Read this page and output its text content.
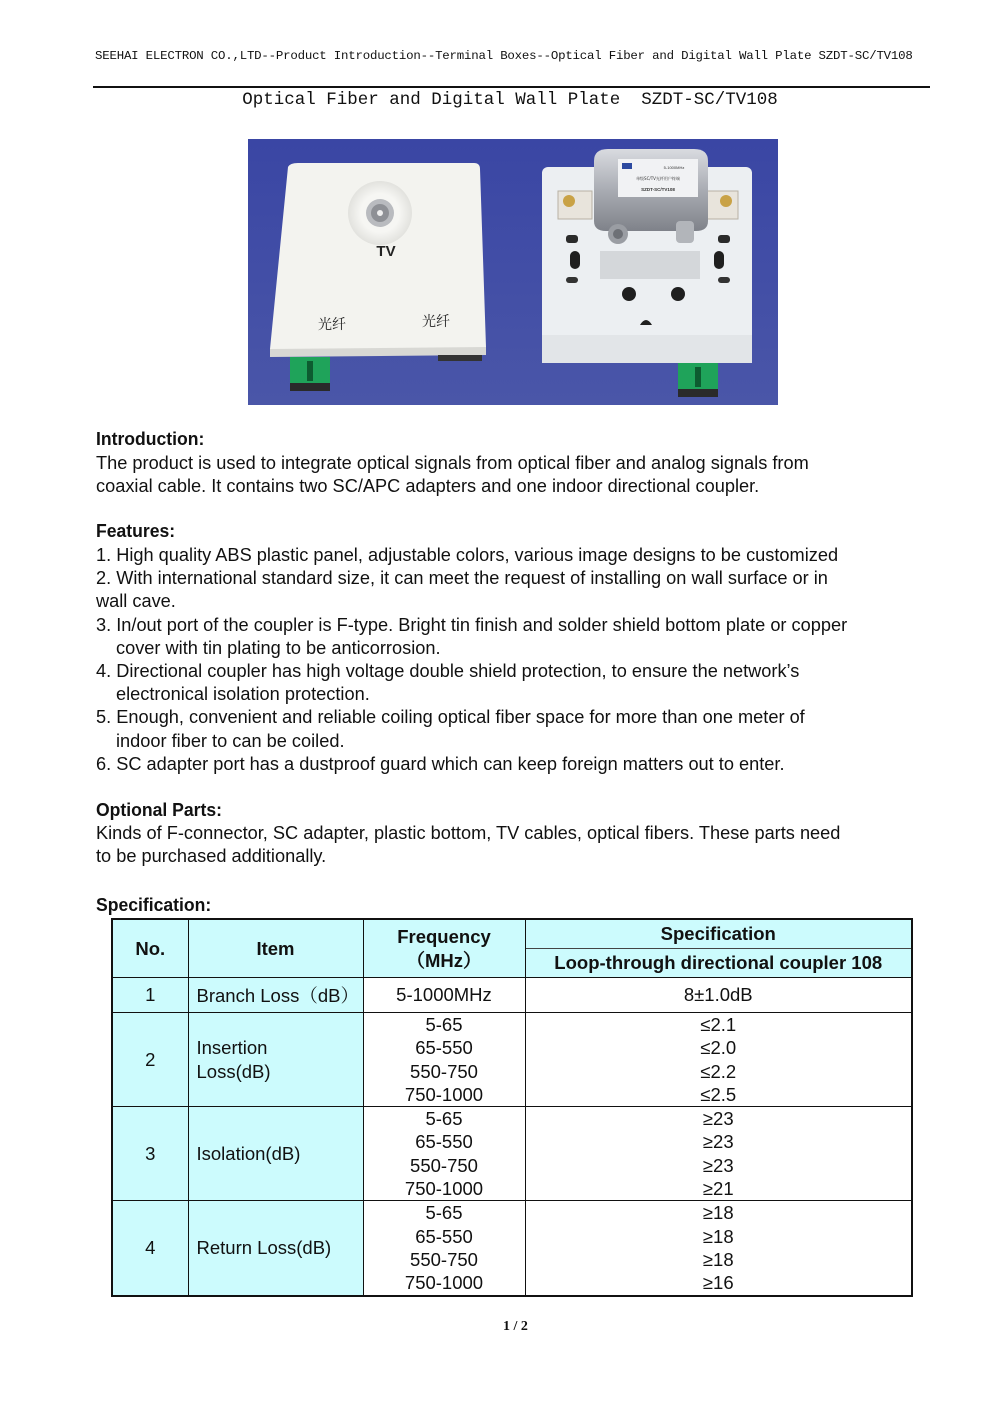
SEEHAI ELECTRON CO.,LTD--Product Introduction--Terminal Boxes--Optical Fiber and Digital Wall Plate SZDT-SC/TV108
Optical Fiber and Digital Wall Plate  SZDT-SC/TV108
TV
光纤	光纤
5-1000MHz
单级SC/TV光纤用户终端
SZDT-SC/TV108
Introduction:
The product is used to integrate optical signals from optical fiber and analog signals from
coaxial cable. It contains two SC/APC adapters and one indoor directional coupler.
Features:
1. High quality ABS plastic panel, adjustable colors, various image designs to be customized
2. With international standard size, it can meet the request of installing on wall surface or in
wall cave.
3. In/out port of the coupler is F-type. Bright tin finish and solder shield bottom plate or copper
cover with tin plating to be anticorrosion.
4. Directional coupler has high voltage double shield protection, to ensure the network’s
electronical isolation protection.
5. Enough, convenient and reliable coiling optical fiber space for more than one meter of
indoor fiber to can be coiled.
6. SC adapter port has a dustproof guard which can keep foreign matters out to enter.
Optional Parts:
Kinds of F-connector, SC adapter, plastic bottom, TV cables, optical fibers. These parts need
to be purchased additionally.
Specification:
No.	Item	Frequency
（MHz）	Specification
			Loop-through directional coupler 108
1	Branch Loss（dB）	5-1000MHz	8±1.0dB
2	Insertion
Loss(dB)	5-65
65-550
550-750
750-1000	≤2.1
≤2.0
≤2.2
≤2.5

3	Isolation(dB)	5-65
65-550
550-750
750-1000	≥23
≥23
≥23
≥21

4	Return Loss(dB)	5-65
65-550
550-750
750-1000	≥18
≥18
≥18
≥16
1 / 2
